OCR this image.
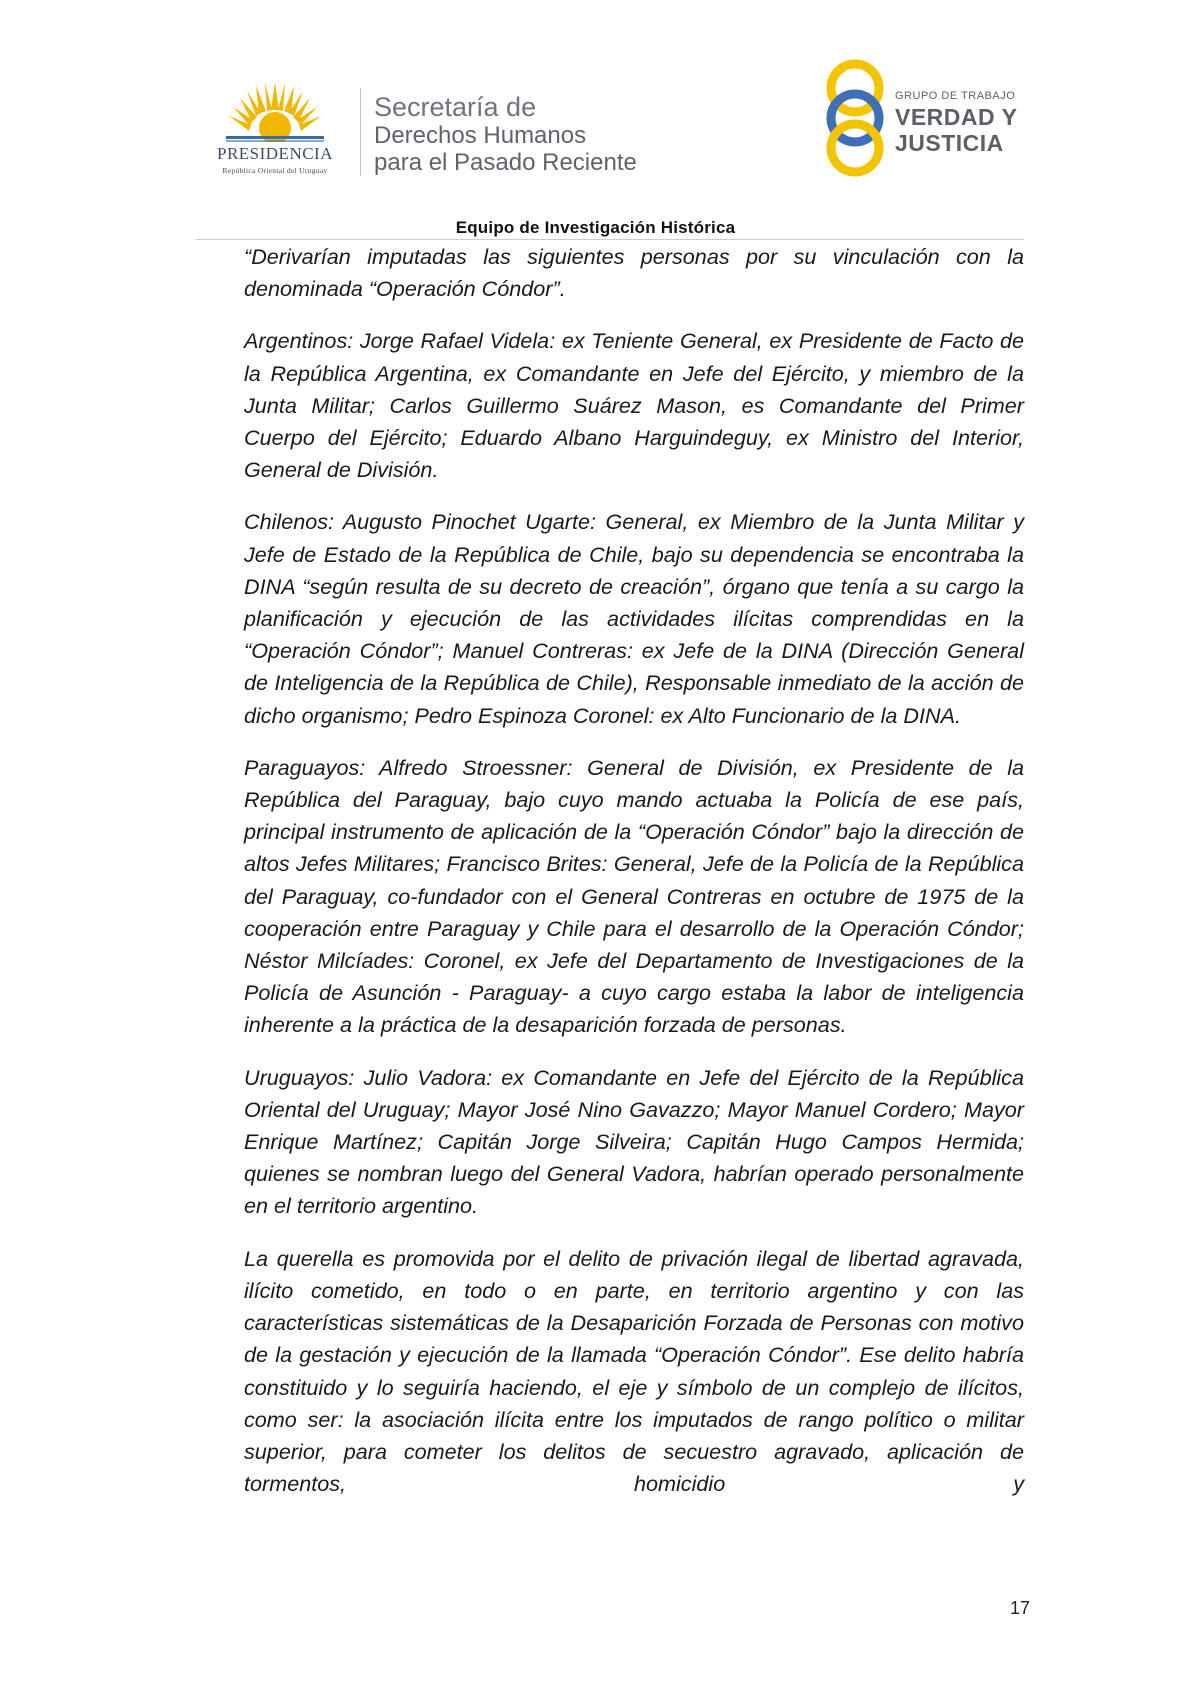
PRESIDENCIA
República Oriental del Uruguay
Secretaría de
Derechos Humanos
para el Pasado Reciente
GRUPO DE TRABAJO
VERDAD Y
JUSTICIA
Equipo de Investigación Histórica

“Derivarían imputadas las siguientes personas por su vinculación con la denominada “Operación Cóndor”.

Argentinos: Jorge Rafael Videla: ex Teniente General, ex Presidente de Facto de la República Argentina, ex Comandante en Jefe del Ejército, y miembro de la Junta Militar; Carlos Guillermo Suárez Mason, es Comandante del Primer Cuerpo del Ejército; Eduardo Albano Harguindeguy, ex Ministro del Interior, General de División.

Chilenos: Augusto Pinochet Ugarte: General, ex Miembro de la Junta Militar y Jefe de Estado de la República de Chile, bajo su dependencia se encontraba la DINA “según resulta de su decreto de creación”, órgano que tenía a su cargo la planificación y ejecución de las actividades ilícitas comprendidas en la “Operación Cóndor”; Manuel Contreras: ex Jefe de la DINA (Dirección General de Inteligencia de la República de Chile), Responsable inmediato de la acción de dicho organismo; Pedro Espinoza Coronel: ex Alto Funcionario de la DINA.

Paraguayos: Alfredo Stroessner: General de División, ex Presidente de la República del Paraguay, bajo cuyo mando actuaba la Policía de ese país, principal instrumento de aplicación de la “Operación Cóndor” bajo la dirección de altos Jefes Militares; Francisco Brites: General, Jefe de la Policía de la República del Paraguay, co-fundador con el General Contreras en octubre de 1975 de la cooperación entre Paraguay y Chile para el desarrollo de la Operación Cóndor; Néstor Milcíades: Coronel, ex Jefe del Departamento de Investigaciones de la Policía de Asunción - Paraguay- a cuyo cargo estaba la labor de inteligencia inherente a la práctica de la desaparición forzada de personas.

Uruguayos: Julio Vadora: ex Comandante en Jefe del Ejército de la República Oriental del Uruguay; Mayor José Nino Gavazzo; Mayor Manuel Cordero; Mayor Enrique Martínez; Capitán Jorge Silveira; Capitán Hugo Campos Hermida; quienes se nombran luego del General Vadora, habrían operado personalmente en el territorio argentino.

La querella es promovida por el delito de privación ilegal de libertad agravada, ilícito cometido, en todo o en parte, en territorio argentino y con las características sistemáticas de la Desaparición Forzada de Personas con motivo de la gestación y ejecución de la llamada “Operación Cóndor”. Ese delito habría constituido y lo seguiría haciendo, el eje y símbolo de un complejo de ilícitos, como ser: la asociación ilícita entre los imputados de rango político o militar superior, para cometer los delitos de secuestro agravado, aplicación de tormentos, homicidio y

17
